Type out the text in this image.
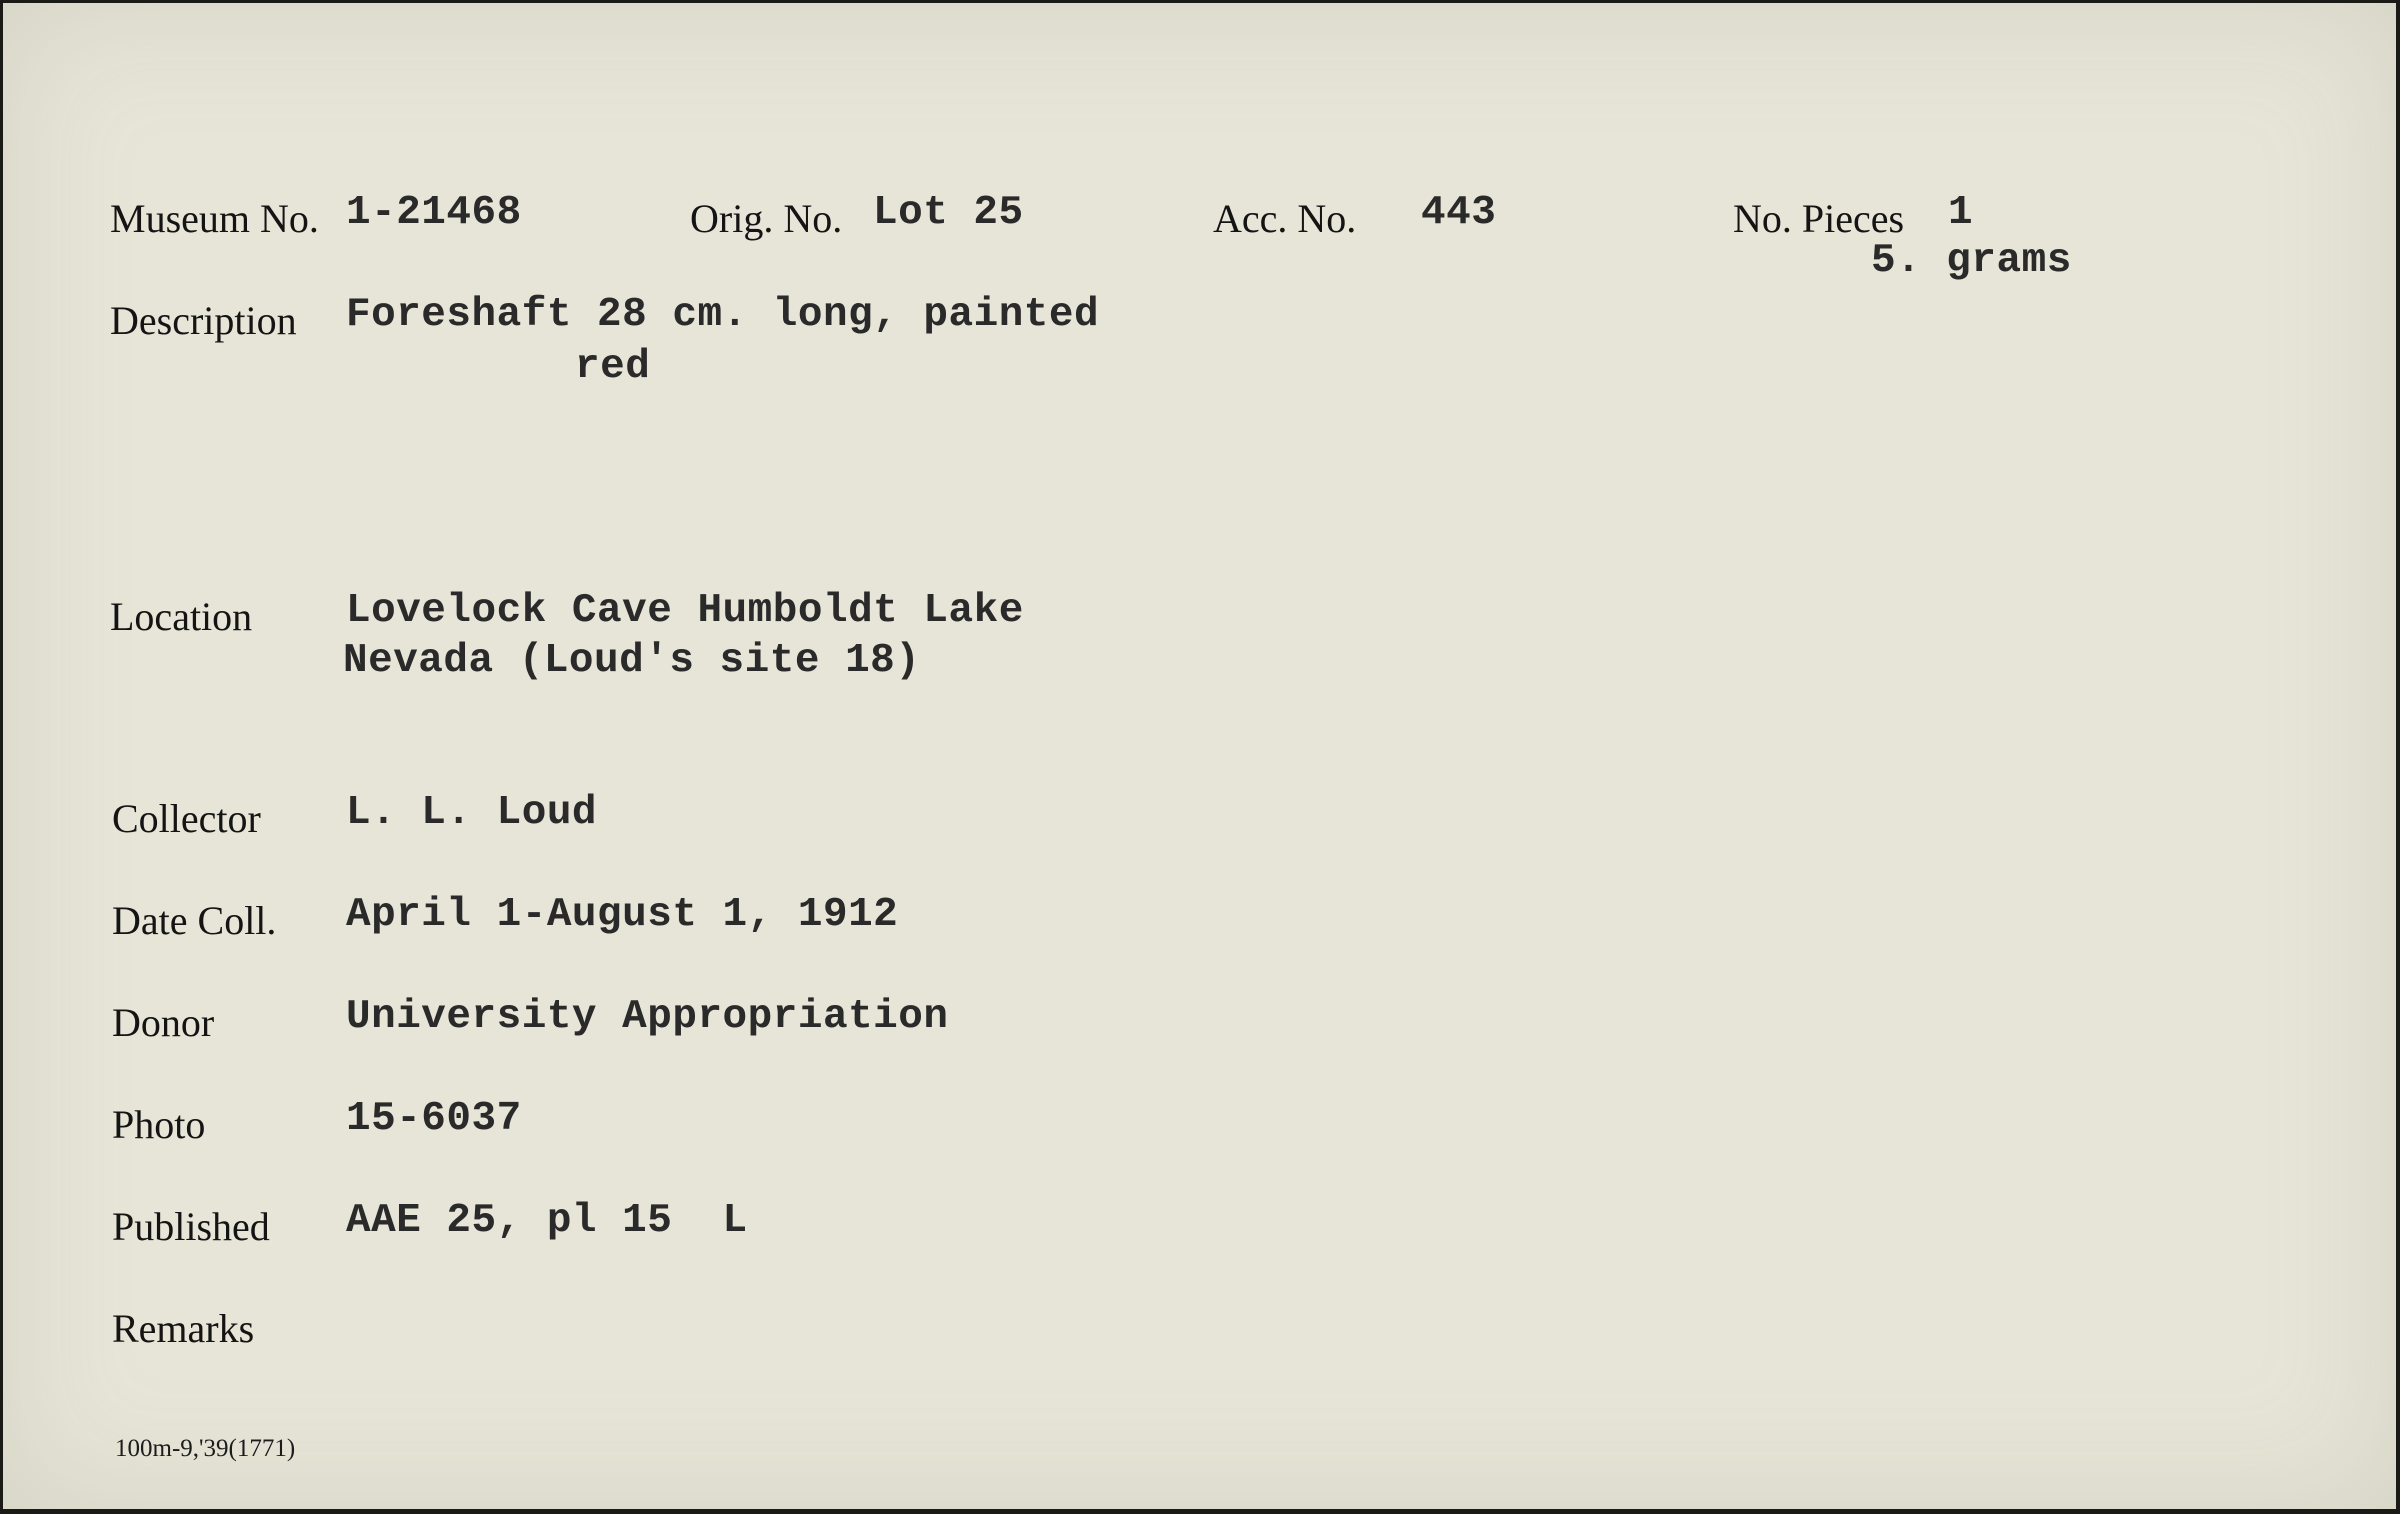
Museum No. 1-21468	Orig. No. Lot 25	Acc. No. 443	No. Pieces 1
5. grams
Description Foreshaft 28 cm. long, painted
red
Location Lovelock Cave Humboldt Lake
Nevada (Loud's site 18)
Collector L. L. Loud
Date Coll. April 1-August 1, 1912
Donor	University Appropriation
Photo	15-6037
Published AAE 25, pl 15  L
Remarks
100m-9,'39(1771)
